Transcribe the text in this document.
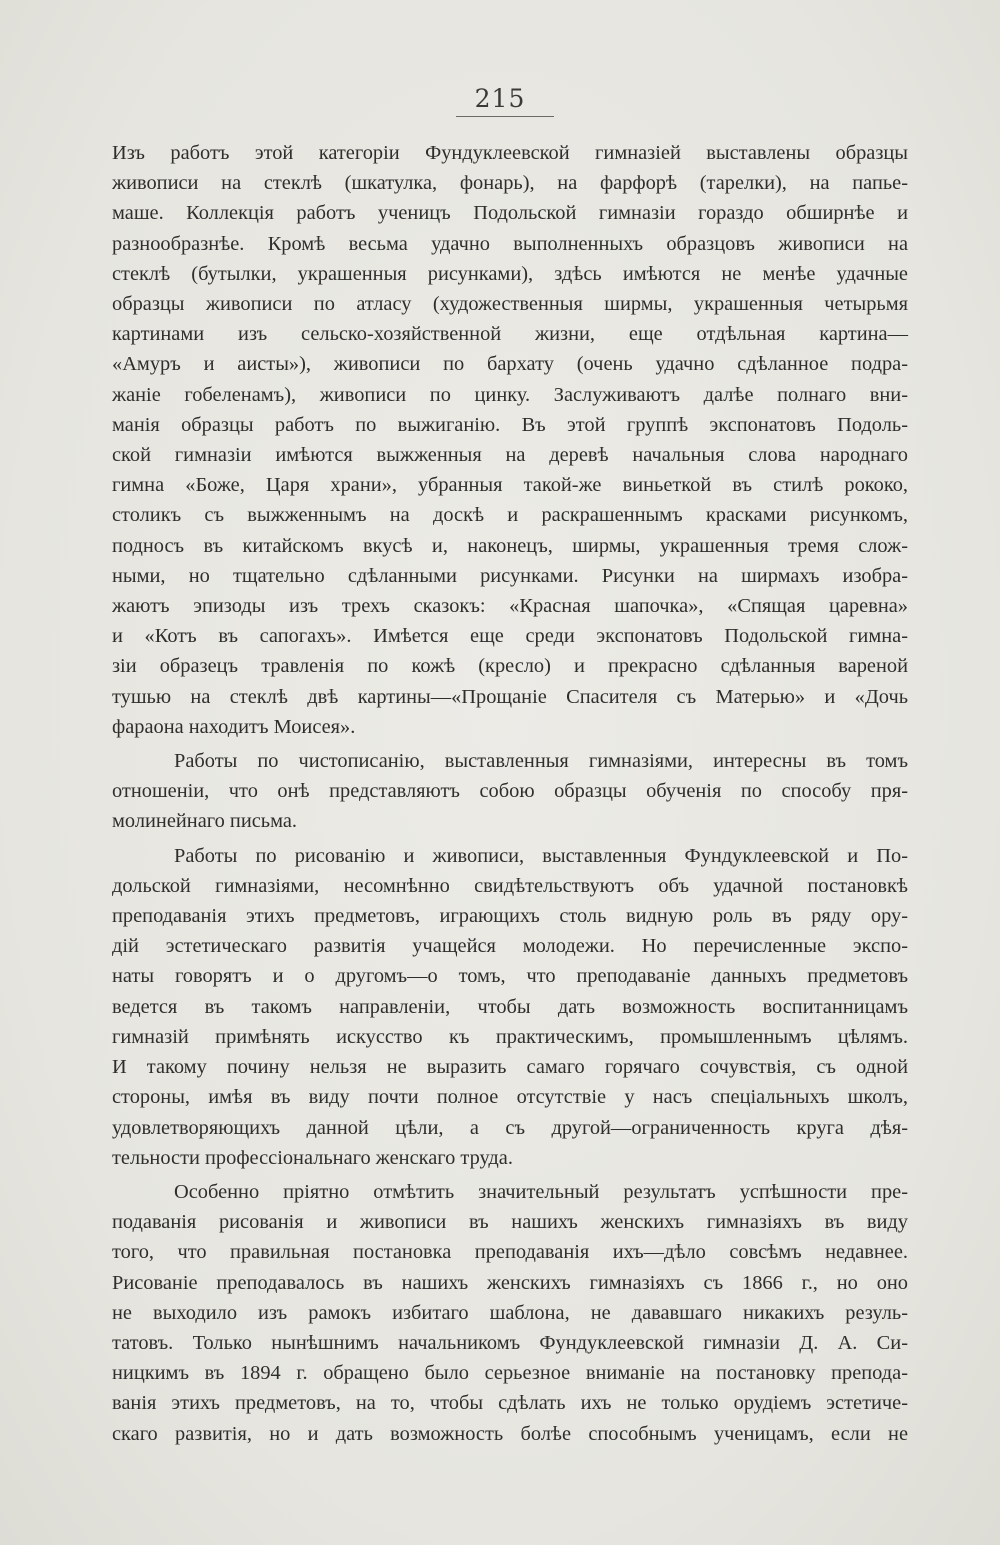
215

Изъ работъ этой категоріи Фундуклеевской гимназіей выставлены образцы

живописи на стеклѣ (шкатулка, фонарь), на фарфорѣ (тарелки), на папье-

маше. Коллекція работъ ученицъ Подольской гимназіи гораздо обширнѣе и

разнообразнѣе. Кромѣ весьма удачно выполненныхъ образцовъ живописи на

стеклѣ (бутылки, украшенныя рисунками), здѣсь имѣются не менѣе удачные

образцы живописи по атласу (художественныя ширмы, украшенныя четырьмя

картинами изъ сельско-хозяйственной жизни, еще отдѣльная картина—

«Амуръ и аисты»), живописи по бархату (очень удачно сдѣланное подра-

жаніе гобеленамъ), живописи по цинку. Заслуживаютъ далѣе полнаго вни-

манія образцы работъ по выжиганію. Въ этой группѣ экспонатовъ Подоль-

ской гимназіи имѣются выжженныя на деревѣ начальныя слова народнаго

гимна «Боже, Царя храни», убранныя такой-же виньеткой въ стилѣ рококо,

столикъ съ выжженнымъ на доскѣ и раскрашеннымъ красками рисункомъ,

подносъ въ китайскомъ вкусѣ и, наконецъ, ширмы, украшенныя тремя слож-

ными, но тщательно сдѣланными рисунками. Рисунки на ширмахъ изобра-

жаютъ эпизоды изъ трехъ сказокъ: «Красная шапочка», «Спящая царевна»

и «Котъ въ сапогахъ». Имѣется еще среди экспонатовъ Подольской гимна-

зіи образецъ травленія по кожѣ (кресло) и прекрасно сдѣланныя вареной

тушью на стеклѣ двѣ картины—«Прощаніе Спасителя съ Матерью» и «Дочь

фараона находитъ Моисея».

Работы по чистописанію, выставленныя гимназіями, интересны въ томъ

отношеніи, что онѣ представляютъ собою образцы обученія по способу пря-

молинейнаго письма.

Работы по рисованію и живописи, выставленныя Фундуклеевской и По-

дольской гимназіями, несомнѣнно свидѣтельствуютъ объ удачной постановкѣ

преподаванія этихъ предметовъ, играющихъ столь видную роль въ ряду ору-

дій эстетическаго развитія учащейся молодежи. Но перечисленные экспо-

наты говорятъ и о другомъ—о томъ, что преподаваніе данныхъ предметовъ

ведется въ такомъ направленіи, чтобы дать возможность воспитанницамъ

гимназій примѣнять искусство къ практическимъ, промышленнымъ цѣлямъ.

И такому почину нельзя не выразить самаго горячаго сочувствія, съ одной

стороны, имѣя въ виду почти полное отсутствіе у насъ спеціальныхъ школъ,

удовлетворяющихъ данной цѣли, а съ другой—ограниченность круга дѣя-

тельности профессіональнаго женскаго труда.

Особенно пріятно отмѣтить значительный результатъ успѣшности пре-

подаванія рисованія и живописи въ нашихъ женскихъ гимназіяхъ въ виду

того, что правильная постановка преподаванія ихъ—дѣло совсѣмъ недавнее.

Рисованіе преподавалось въ нашихъ женскихъ гимназіяхъ съ 1866 г., но оно

не выходило изъ рамокъ избитаго шаблона, не дававшаго никакихъ резуль-

татовъ. Только нынѣшнимъ начальникомъ Фундуклеевской гимназіи Д. А. Си-

ницкимъ въ 1894 г. обращено было серьезное вниманіе на постановку препода-

ванія этихъ предметовъ, на то, чтобы сдѣлать ихъ не только орудіемъ эстетиче-

скаго развитія, но и дать возможность болѣе способнымъ ученицамъ, если не
